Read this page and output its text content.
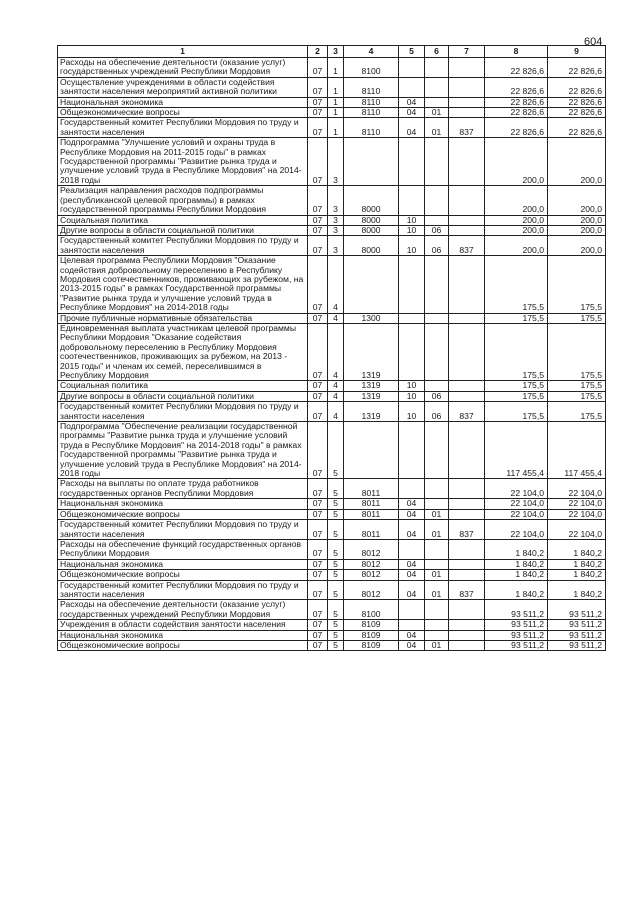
604
1	2	3	4	5	6	7	8	9
Расходы на обеспечение деятельности (оказание услуг) государственных учреждений Республики Мордовия	07	1	8100				22 826,6	22 826,6
Осуществление учреждениями в области содействия занятости населения мероприятий активной политики	07	1	8110				22 826,6	22 826,6
Национальная экономика	07	1	8110	04			22 826,6	22 826,6
Общеэкономические вопросы	07	1	8110	04	01		22 826,6	22 826,6
Государственный комитет Республики Мордовия по труду и занятости населения	07	1	8110	04	01	837	22 826,6	22 826,6
Подпрограмма "Улучшение условий и охраны труда в Республике Мордовия на 2011-2015 годы" в рамках Государственной программы "Развитие рынка труда и улучшение условий труда в Республике Мордовия" на 2014-2018 годы	07	3					200,0	200,0
Реализация направления расходов подпрограммы (республиканской целевой программы) в рамках государственной программы Республики Мордовия	07	3	8000				200,0	200,0
Социальная политика	07	3	8000	10			200,0	200,0
Другие вопросы в области социальной политики	07	3	8000	10	06		200,0	200,0
Государственный комитет Республики Мордовия по труду и занятости населения	07	3	8000	10	06	837	200,0	200,0
Целевая программа Республики Мордовия "Оказание содействия добровольному переселению в Республику Мордовия соотечественников, проживающих за рубежом, на 2013-2015 годы" в рамках Государственной программы "Развитие рынка труда и улучшение условий труда в Республике Мордовия" на 2014-2018 годы	07	4					175,5	175,5
Прочие публичные нормативные обязательства	07	4	1300				175,5	175,5
Единовременная выплата участникам целевой программы Республики Мордовия "Оказание содействия добровольному переселению в Республику Мордовия соотечественников, проживающих за рубежом, на 2013 - 2015 годы" и членам их семей, переселившимся в Республику Мордовия	07	4	1319				175,5	175,5
Социальная политика	07	4	1319	10			175,5	175,5
Другие вопросы в области социальной политики	07	4	1319	10	06		175,5	175,5
Государственный комитет Республики Мордовия по труду и занятости населения	07	4	1319	10	06	837	175,5	175,5
Подпрограмма "Обеспечение реализации государственной программы "Развитие рынка труда и улучшение условий труда в Республике Мордовия" на 2014-2018 годы" в рамках Государственной программы "Развитие рынка труда и улучшение условий труда в Республике Мордовия" на 2014-2018 годы	07	5					117 455,4	117 455,4
Расходы на выплаты по оплате труда работников государственных органов Республики Мордовия	07	5	8011				22 104,0	22 104,0
Национальная экономика	07	5	8011	04			22 104,0	22 104,0
Общеэкономические вопросы	07	5	8011	04	01		22 104,0	22 104,0
Государственный комитет Республики Мордовия по труду и занятости населения	07	5	8011	04	01	837	22 104,0	22 104,0
Расходы на обеспечение функций государственных органов Республики Мордовия	07	5	8012				1 840,2	1 840,2
Национальная экономика	07	5	8012	04			1 840,2	1 840,2
Общеэкономические вопросы	07	5	8012	04	01		1 840,2	1 840,2
Государственный комитет Республики Мордовия по труду и занятости населения	07	5	8012	04	01	837	1 840,2	1 840,2
Расходы на обеспечение деятельности (оказание услуг) государственных учреждений Республики Мордовия	07	5	8100				93 511,2	93 511,2
Учреждения в области содействия занятости населения	07	5	8109				93 511,2	93 511,2
Национальная экономика	07	5	8109	04			93 511,2	93 511,2
Общеэкономические вопросы	07	5	8109	04	01		93 511,2	93 511,2
